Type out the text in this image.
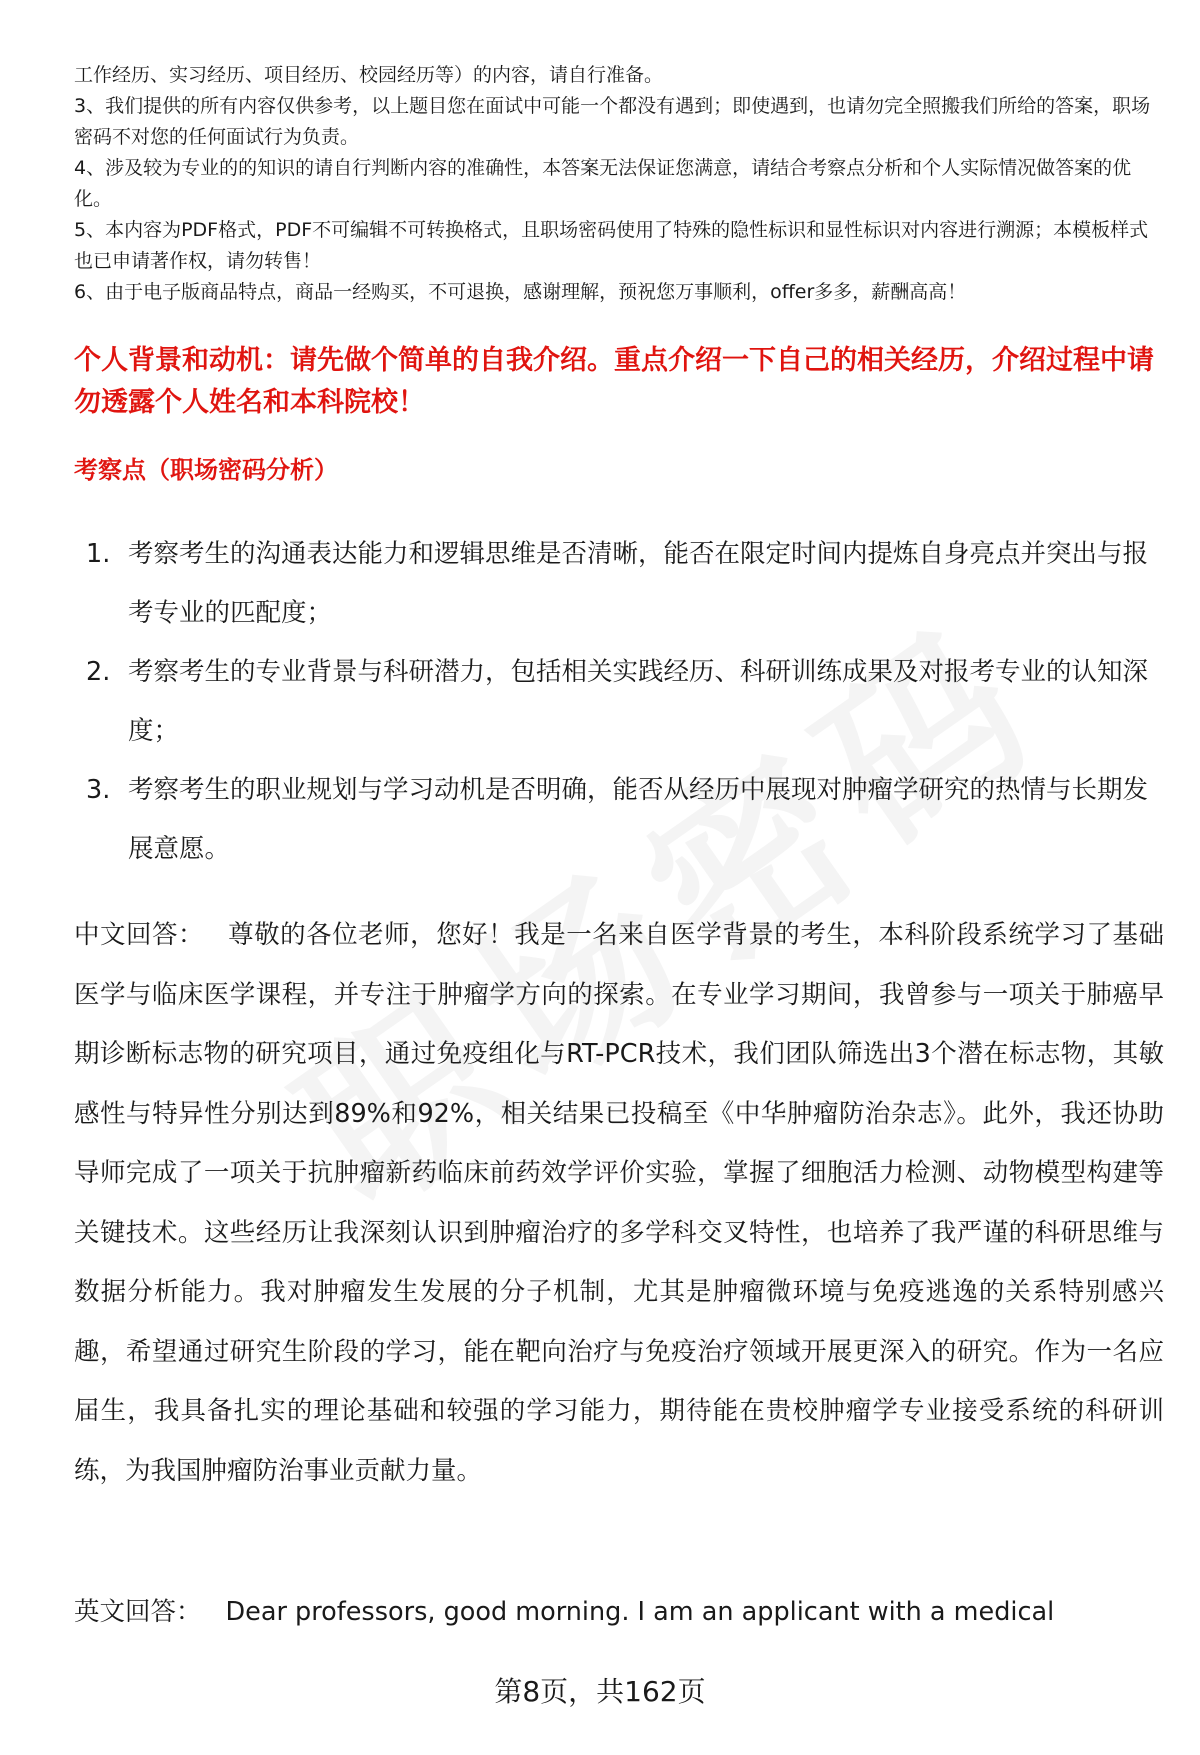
工作经历、实习经历、项目经历、校园经历等）的内容，请自行准备。

3、我们提供的所有内容仅供参考，以上题目您在面试中可能一个都没有遇到；即使遇到，也请勿完全照搬我们所给的答案，职场密码不对您的任何面试行为负责。

4、涉及较为专业的的知识的请自行判断内容的准确性，本答案无法保证您满意，请结合考察点分析和个人实际情况做答案的优化。

5、本内容为PDF格式，PDF不可编辑不可转换格式，且职场密码使用了特殊的隐性标识和显性标识对内容进行溯源；本模板样式也已申请著作权，请勿转售！

6、由于电子版商品特点，商品一经购买，不可退换，感谢理解，预祝您万事顺利，offer多多，薪酬高高！

个人背景和动机：请先做个简单的自我介绍。重点介绍一下自己的相关经历，介绍过程中请勿透露个人姓名和本科院校！
考察点（职场密码分析）
1. 考察考生的沟通表达能力和逻辑思维是否清晰，能否在限定时间内提炼自身亮点并突出与报考专业的匹配度；
2. 考察考生的专业背景与科研潜力，包括相关实践经历、科研训练成果及对报考专业的认知深度；
3. 考察考生的职业规划与学习动机是否明确，能否从经历中展现对肿瘤学研究的热情与长期发展意愿。

中文回答： 尊敬的各位老师，您好！我是一名来自医学背景的考生，本科阶段系统学习了基础医学与临床医学课程，并专注于肿瘤学方向的探索。在专业学习期间，我曾参与一项关于肺癌早期诊断标志物的研究项目，通过免疫组化与RT-PCR技术，我们团队筛选出3个潜在标志物，其敏感性与特异性分别达到89%和92%，相关结果已投稿至《中华肿瘤防治杂志》。此外，我还协助导师完成了一项关于抗肿瘤新药临床前药效学评价实验，掌握了细胞活力检测、动物模型构建等关键技术。这些经历让我深刻认识到肿瘤治疗的多学科交叉特性，也培养了我严谨的科研思维与数据分析能力。我对肿瘤发生发展的分子机制，尤其是肿瘤微环境与免疫逃逸的关系特别感兴趣，希望通过研究生阶段的学习，能在靶向治疗与免疫治疗领域开展更深入的研究。作为一名应届生，我具备扎实的理论基础和较强的学习能力，期待能在贵校肿瘤学专业接受系统的科研训练，为我国肿瘤防治事业贡献力量。

英文回答： Dear professors, good morning. I am an applicant with a medical

第8页，共162页
